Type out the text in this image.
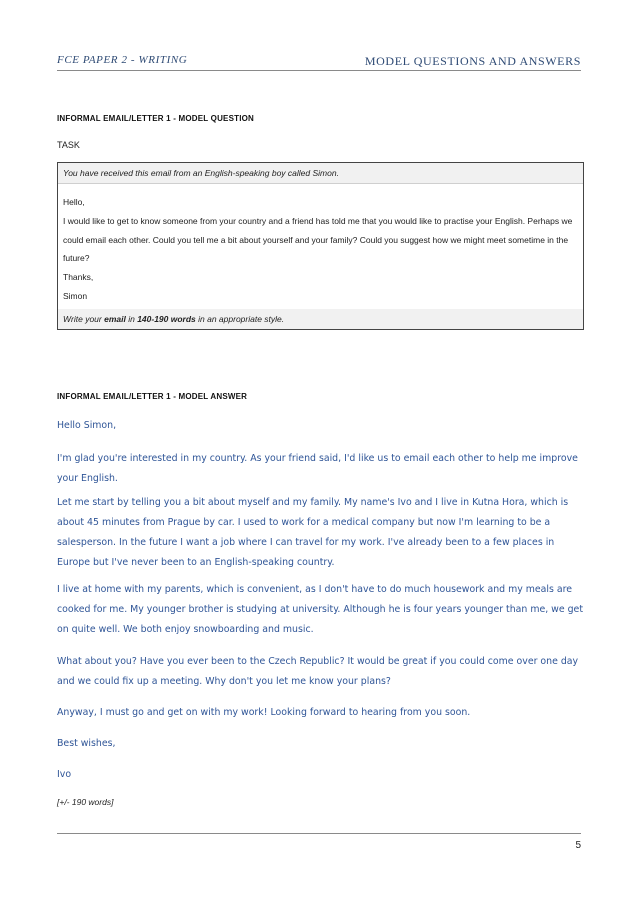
FCE PAPER 2 - WRITING	MODEL QUESTIONS AND ANSWERS
INFORMAL EMAIL/LETTER 1 - MODEL QUESTION
TASK
You have received this email from an English-speaking boy called Simon.
Hello,
I would like to get to know someone from your country and a friend has told me that you would like to practise your English. Perhaps we could email each other. Could you tell me a bit about yourself and your family? Could you suggest how we might meet sometime in the future?
Thanks,
Simon
Write your email in 140-190 words in an appropriate style.
INFORMAL EMAIL/LETTER 1 - MODEL ANSWER
Hello Simon,
I'm glad you're interested in my country. As your friend said, I'd like us to email each other to help me improve your English.
Let me start by telling you a bit about myself and my family. My name's Ivo and I live in Kutna Hora, which is about 45 minutes from Prague by car. I used to work for a medical company but now I'm learning to be a salesperson. In the future I want a job where I can travel for my work. I've already been to a few places in Europe but I've never been to an English-speaking country.
I live at home with my parents, which is convenient, as I don't have to do much housework and my meals are cooked for me. My younger brother is studying at university. Although he is four years younger than me, we get on quite well. We both enjoy snowboarding and music.
What about you? Have you ever been to the Czech Republic? It would be great if you could come over one day and we could fix up a meeting. Why don't you let me know your plans?
Anyway, I must go and get on with my work! Looking forward to hearing from you soon.
Best wishes,
Ivo
[+/- 190 words]
5
